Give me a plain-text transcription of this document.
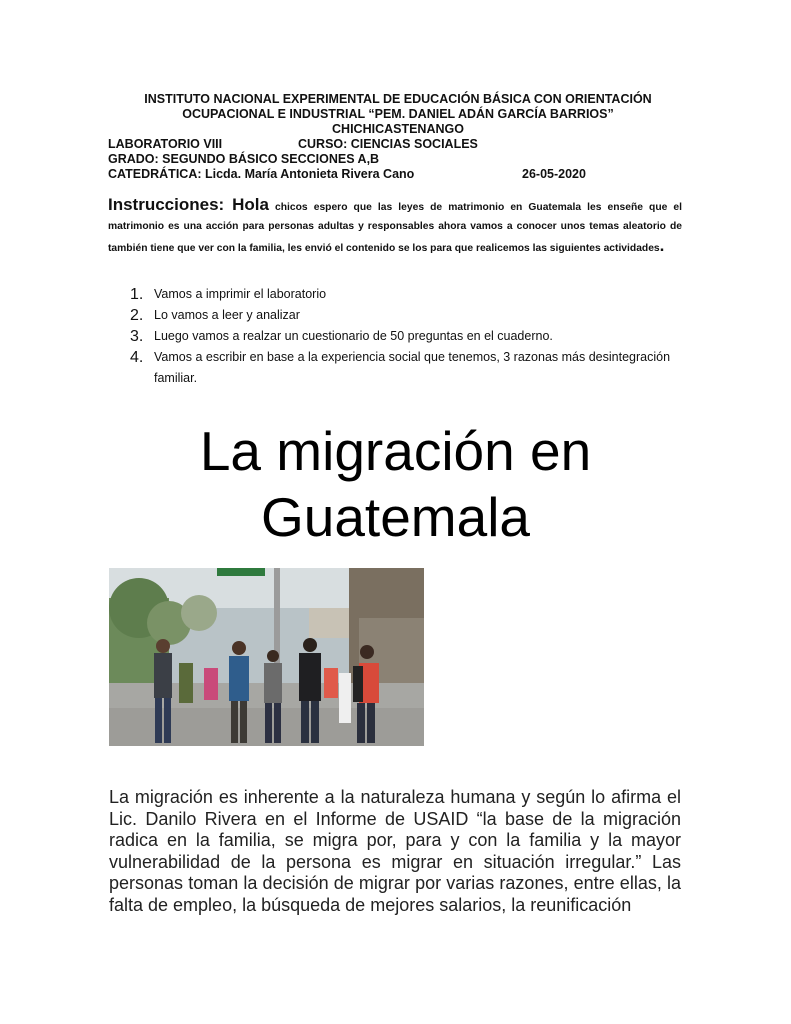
INSTITUTO NACIONAL EXPERIMENTAL DE EDUCACIÓN BÁSICA CON ORIENTACIÓN
OCUPACIONAL E INDUSTRIAL “PEM. DANIEL ADÁN GARCÍA BARRIOS”
CHICHICASTENANGO
LABORATORIO VIII	CURSO: CIENCIAS SOCIALES
GRADO: SEGUNDO BÁSICO SECCIONES A,B
CATEDRÁTICA: Licda. María Antonieta Rivera Cano	26-05-2020
Instrucciones: Hola chicos espero que las leyes de matrimonio en Guatemala les enseñe que el matrimonio es una acción para personas adultas y responsables ahora vamos a conocer unos temas aleatorio de también tiene que ver con la familia, les envió el contenido se los para que realicemos las siguientes actividades.
1. Vamos a imprimir el laboratorio
2. Lo vamos a leer y analizar
3. Luego vamos a realzar un cuestionario de 50 preguntas en el cuaderno.
4. Vamos a escribir en base a la experiencia social que tenemos, 3 razonas más desintegración familiar.
La migración en
Guatemala
La migración es inherente a la naturaleza humana y según lo afirma el Lic. Danilo Rivera en el Informe de USAID “la base de la migración radica en la familia, se migra por, para y con la familia y la mayor vulnerabilidad de la persona es migrar en situación irregular.” Las personas toman la decisión de migrar por varias razones, entre ellas, la falta de empleo, la búsqueda de mejores salarios, la reunificación
